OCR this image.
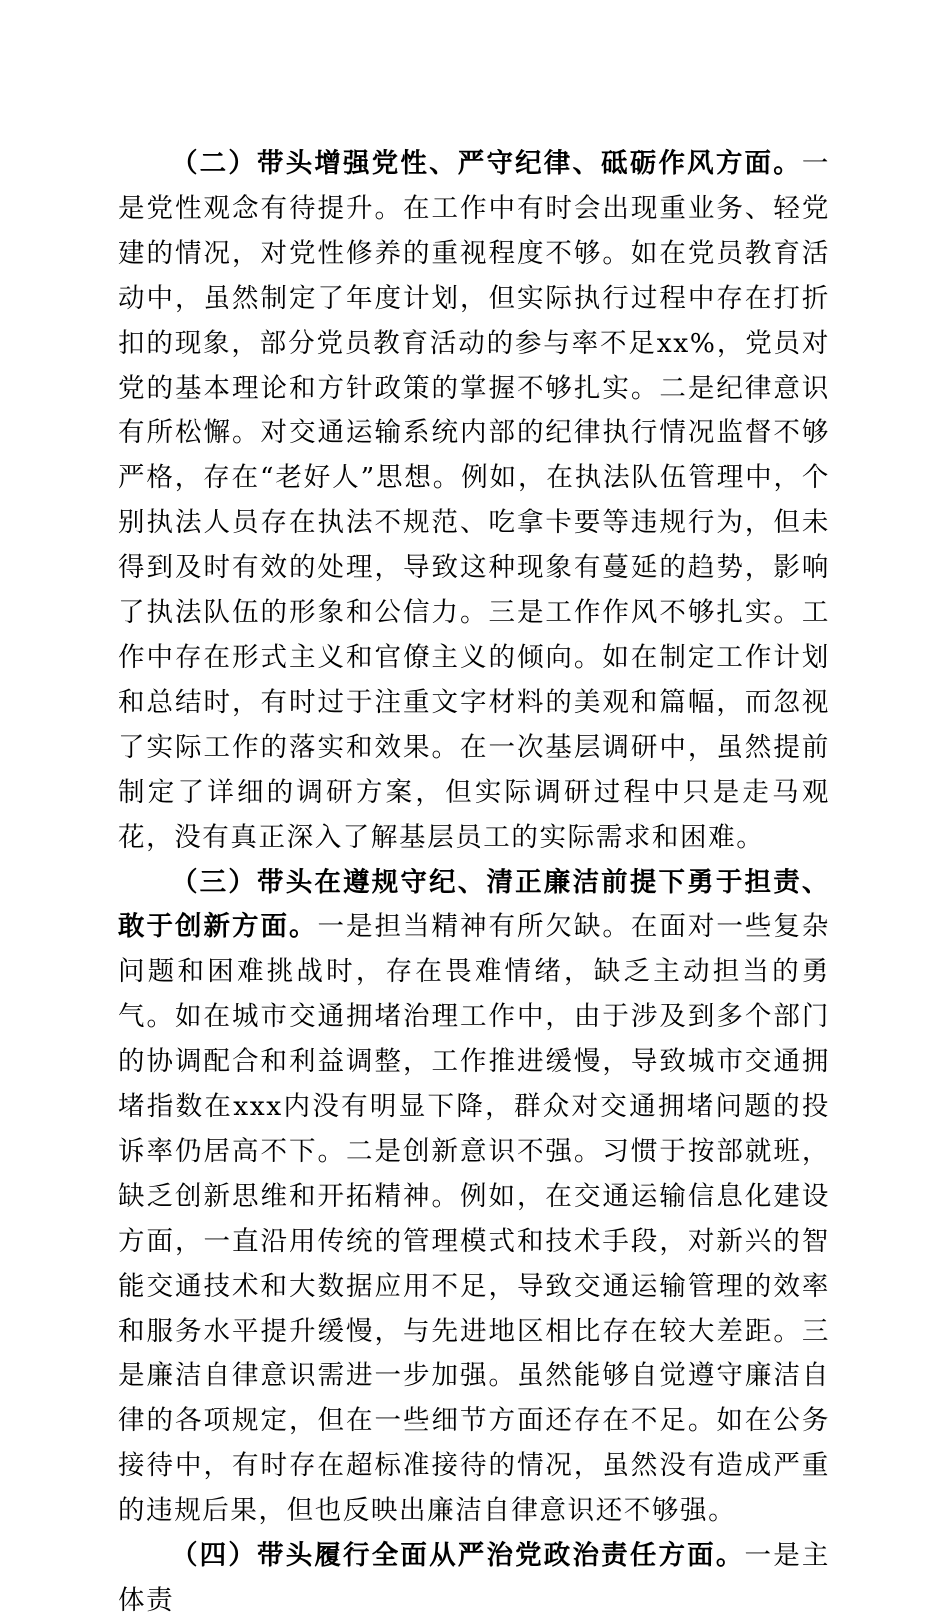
（二）带头增强党性、严守纪律、砥砺作风方面。一是党性观念有待提升。在工作中有时会出现重业务、轻党建的情况，对党性修养的重视程度不够。如在党员教育活动中，虽然制定了年度计划，但实际执行过程中存在打折扣的现象，部分党员教育活动的参与率不足xx%，党员对党的基本理论和方针政策的掌握不够扎实。二是纪律意识有所松懈。对交通运输系统内部的纪律执行情况监督不够严格，存在“老好人”思想。例如，在执法队伍管理中，个别执法人员存在执法不规范、吃拿卡要等违规行为，但未得到及时有效的处理，导致这种现象有蔓延的趋势，影响了执法队伍的形象和公信力。三是工作作风不够扎实。工作中存在形式主义和官僚主义的倾向。如在制定工作计划和总结时，有时过于注重文字材料的美观和篇幅，而忽视了实际工作的落实和效果。在一次基层调研中，虽然提前制定了详细的调研方案，但实际调研过程中只是走马观花，没有真正深入了解基层员工的实际需求和困难。

（三）带头在遵规守纪、清正廉洁前提下勇于担责、敢于创新方面。一是担当精神有所欠缺。在面对一些复杂问题和困难挑战时，存在畏难情绪，缺乏主动担当的勇气。如在城市交通拥堵治理工作中，由于涉及到多个部门的协调配合和利益调整，工作推进缓慢，导致城市交通拥堵指数在xxx内没有明显下降，群众对交通拥堵问题的投诉率仍居高不下。二是创新意识不强。习惯于按部就班，缺乏创新思维和开拓精神。例如，在交通运输信息化建设方面，一直沿用传统的管理模式和技术手段，对新兴的智能交通技术和大数据应用不足，导致交通运输管理的效率和服务水平提升缓慢，与先进地区相比存在较大差距。三是廉洁自律意识需进一步加强。虽然能够自觉遵守廉洁自律的各项规定，但在一些细节方面还存在不足。如在公务接待中，有时存在超标准接待的情况，虽然没有造成严重的违规后果，但也反映出廉洁自律意识还不够强。

（四）带头履行全面从严治党政治责任方面。一是主体责
